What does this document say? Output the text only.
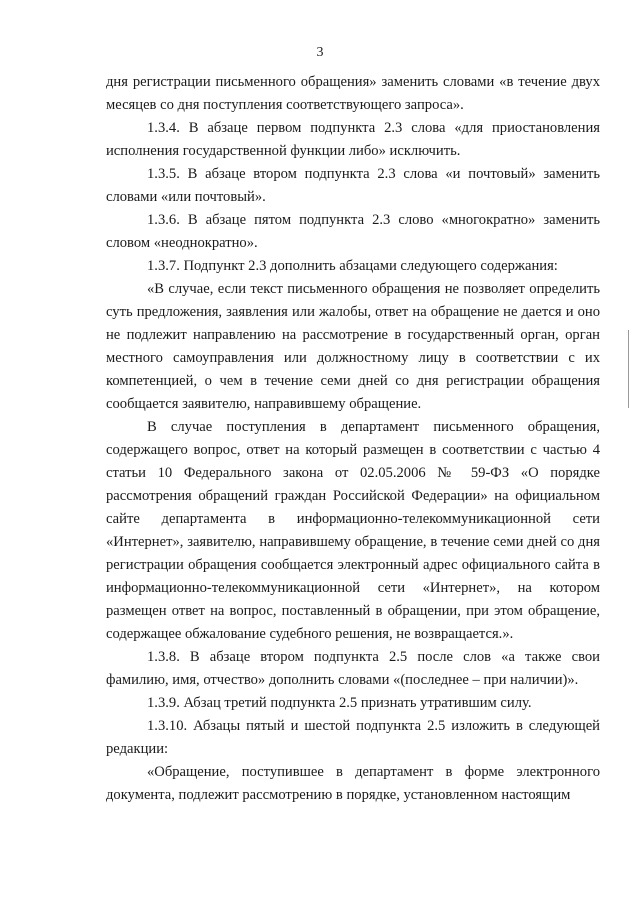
3

дня регистрации письменного обращения» заменить словами «в течение двух месяцев со дня поступления соответствующего запроса».

1.3.4. В абзаце первом подпункта 2.3 слова «для приостановления исполнения государственной функции либо» исключить.

1.3.5. В абзаце втором подпункта 2.3 слова «и почтовый» заменить словами «или почтовый».

1.3.6. В абзаце пятом подпункта 2.3 слово «многократно» заменить словом «неоднократно».

1.3.7. Подпункт 2.3 дополнить абзацами следующего содержания:

«В случае, если текст письменного обращения не позволяет определить суть предложения, заявления или жалобы, ответ на обращение не дается и оно не подлежит направлению на рассмотрение в государственный орган, орган местного самоуправления или должностному лицу в соответствии с их компетенцией, о чем в течение семи дней со дня регистрации обращения сообщается заявителю, направившему обращение.

В случае поступления в департамент письменного обращения, содержащего вопрос, ответ на который размещен в соответствии с частью 4 статьи 10 Федерального закона от 02.05.2006 № 59-ФЗ «О порядке рассмотрения обращений граждан Российской Федерации» на официальном сайте департамента в информационно-телекоммуникационной сети «Интернет», заявителю, направившему обращение, в течение семи дней со дня регистрации обращения сообщается электронный адрес официального сайта в информационно-телекоммуникационной сети «Интернет», на котором размещен ответ на вопрос, поставленный в обращении, при этом обращение, содержащее обжалование судебного решения, не возвращается.».

1.3.8. В абзаце втором подпункта 2.5 после слов «а также свои фамилию, имя, отчество» дополнить словами «(последнее – при наличии)».

1.3.9. Абзац третий подпункта 2.5 признать утратившим силу.

1.3.10. Абзацы пятый и шестой подпункта 2.5 изложить в следующей редакции:

«Обращение, поступившее в департамент в форме электронного документа, подлежит рассмотрению в порядке, установленном настоящим
